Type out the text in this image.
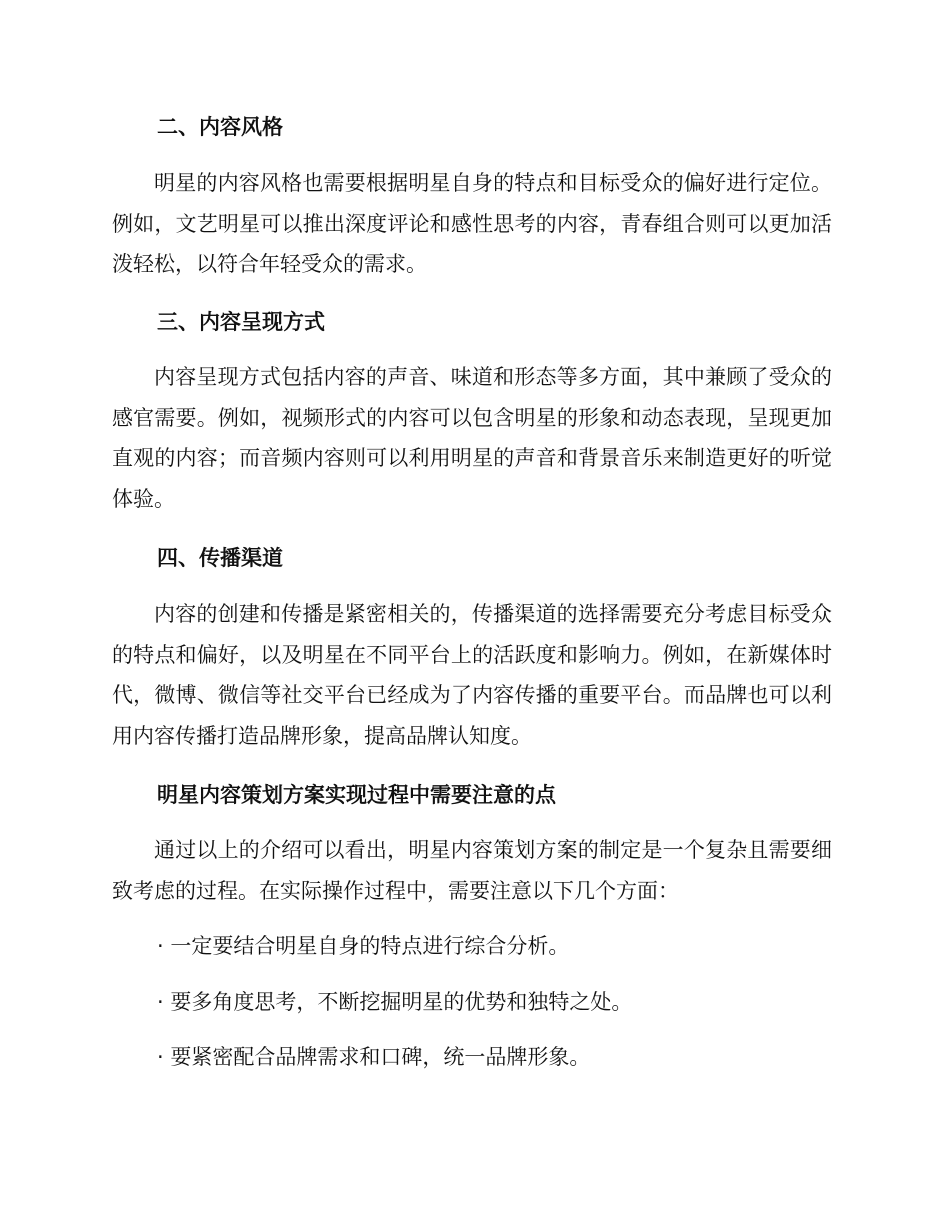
二、内容风格

明星的内容风格也需要根据明星自身的特点和目标受众的偏好进行定位。例如，文艺明星可以推出深度评论和感性思考的内容，青春组合则可以更加活泼轻松，以符合年轻受众的需求。

三、内容呈现方式

内容呈现方式包括内容的声音、味道和形态等多方面，其中兼顾了受众的感官需要。例如，视频形式的内容可以包含明星的形象和动态表现，呈现更加直观的内容；而音频内容则可以利用明星的声音和背景音乐来制造更好的听觉体验。

四、传播渠道

内容的创建和传播是紧密相关的，传播渠道的选择需要充分考虑目标受众的特点和偏好，以及明星在不同平台上的活跃度和影响力。例如，在新媒体时代，微博、微信等社交平台已经成为了内容传播的重要平台。而品牌也可以利用内容传播打造品牌形象，提高品牌认知度。

明星内容策划方案实现过程中需要注意的点

通过以上的介绍可以看出，明星内容策划方案的制定是一个复杂且需要细致考虑的过程。在实际操作过程中，需要注意以下几个方面：

· 一定要结合明星自身的特点进行综合分析。

· 要多角度思考，不断挖掘明星的优势和独特之处。

· 要紧密配合品牌需求和口碑，统一品牌形象。
